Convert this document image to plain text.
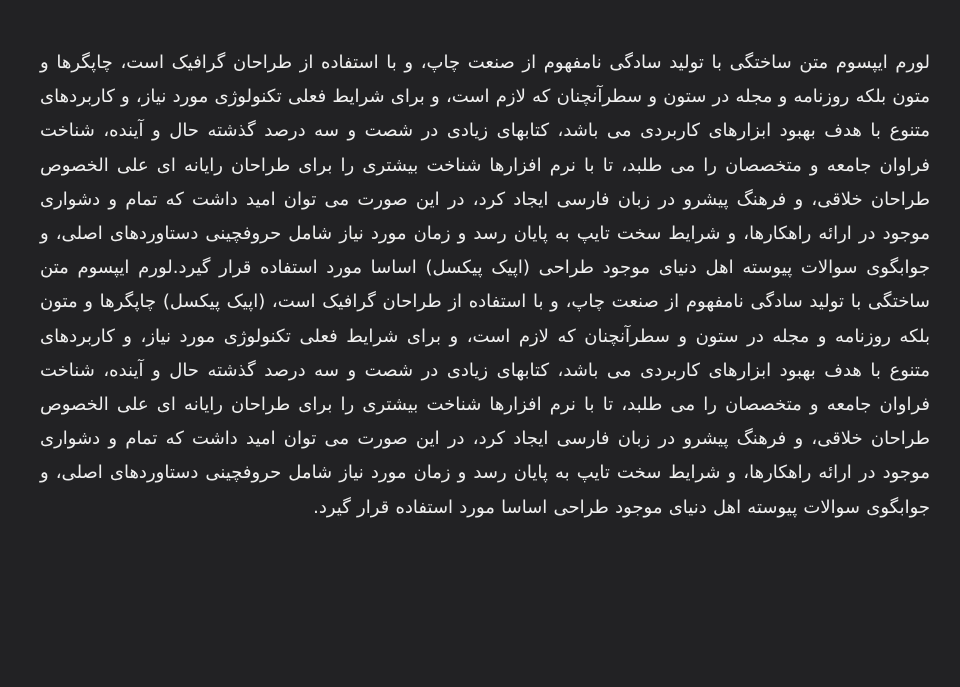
لورم ایپسوم متن ساختگی با تولید سادگی نامفهوم از صنعت چاپ، و با استفاده از طراحان گرافیک است، چاپگرها و متون بلکه روزنامه و مجله در ستون و سطرآنچنان که لازم است، و برای شرایط فعلی تکنولوژی مورد نیاز، و کاربردهای متنوع با هدف بهبود ابزارهای کاربردی می باشد، کتابهای زیادی در شصت و سه درصد گذشته حال و آینده، شناخت فراوان جامعه و متخصصان را می طلبد، تا با نرم افزارها شناخت بیشتری را برای طراحان رایانه ای علی الخصوص طراحان خلاقی، و فرهنگ پیشرو در زبان فارسی ایجاد کرد، در این صورت می توان امید داشت که تمام و دشواری موجود در ارائه راهکارها، و شرایط سخت تایپ به پایان رسد و زمان مورد نیاز شامل حروفچینی دستاوردهای اصلی، و جوابگوی سوالات پیوسته اهل دنیای موجود طراحی (اپیک پیکسل) اساسا مورد استفاده قرار گیرد.لورم ایپسوم متن ساختگی با تولید سادگی نامفهوم از صنعت چاپ، و با استفاده از طراحان گرافیک است، (اپیک پیکسل) چاپگرها و متون بلکه روزنامه و مجله در ستون و سطرآنچنان که لازم است، و برای شرایط فعلی تکنولوژی مورد نیاز، و کاربردهای متنوع با هدف بهبود ابزارهای کاربردی می باشد، کتابهای زیادی در شصت و سه درصد گذشته حال و آینده، شناخت فراوان جامعه و متخصصان را می طلبد، تا با نرم افزارها شناخت بیشتری را برای طراحان رایانه ای علی الخصوص طراحان خلاقی، و فرهنگ پیشرو در زبان فارسی ایجاد کرد، در این صورت می توان امید داشت که تمام و دشواری موجود در ارائه راهکارها، و شرایط سخت تایپ به پایان رسد و زمان مورد نیاز شامل حروفچینی دستاوردهای اصلی، و جوابگوی سوالات پیوسته اهل دنیای موجود طراحی اساسا مورد استفاده قرار گیرد.
